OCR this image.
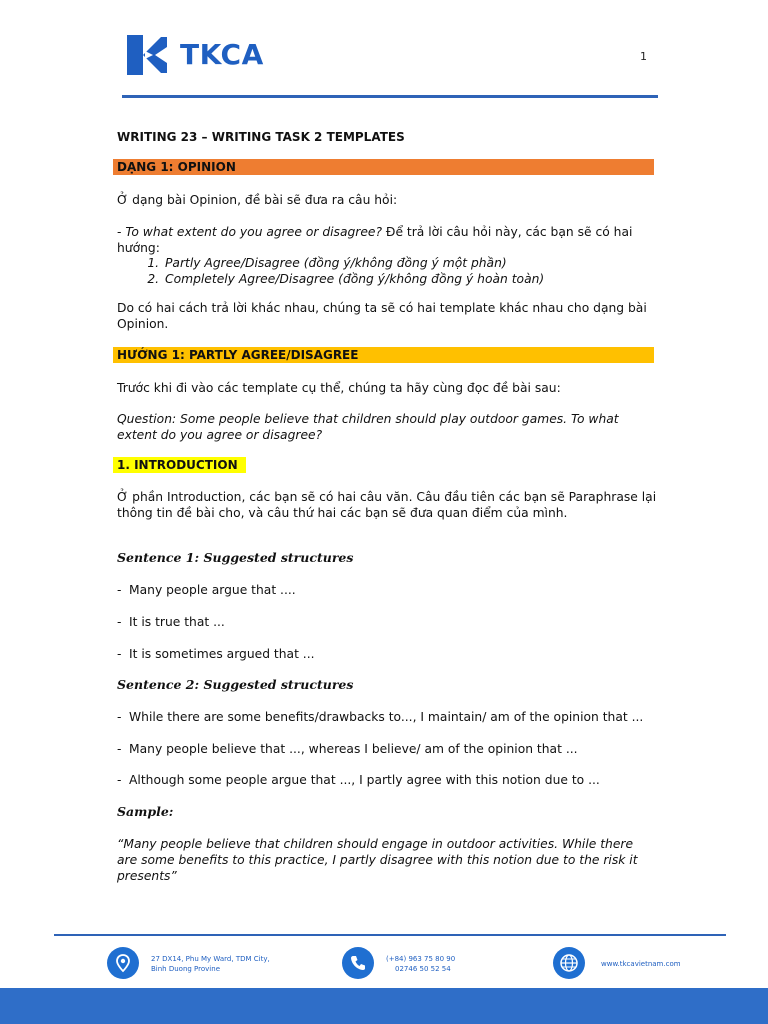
TKCA	1
WRITING 23 – WRITING TASK 2 TEMPLATES
DẠNG 1: OPINION
Ở dạng bài Opinion, đề bài sẽ đưa ra câu hỏi:
- To what extent do you agree or disagree? Để trả lời câu hỏi này, các bạn sẽ có hai hướng:
1. Partly Agree/Disagree (đồng ý/không đồng ý một phần)
2. Completely Agree/Disagree (đồng ý/không đồng ý hoàn toàn)
Do có hai cách trả lời khác nhau, chúng ta sẽ có hai template khác nhau cho dạng bài Opinion.
HƯỚNG 1: PARTLY AGREE/DISAGREE
Trước khi đi vào các template cụ thể, chúng ta hãy cùng đọc đề bài sau:
Question: Some people believe that children should play outdoor games. To what extent do you agree or disagree?
1. INTRODUCTION
Ở phần Introduction, các bạn sẽ có hai câu văn. Câu đầu tiên các bạn sẽ Paraphrase lại thông tin đề bài cho, và câu thứ hai các bạn sẽ đưa quan điểm của mình.
Sentence 1: Suggested structures
- Many people argue that ....
- It is true that ...
- It is sometimes argued that ...
Sentence 2: Suggested structures
- While there are some benefits/drawbacks to..., I maintain/ am of the opinion that ...
- Many people believe that ..., whereas I believe/ am of the opinion that ...
- Although some people argue that ..., I partly agree with this notion due to ...
Sample:
“Many people believe that children should engage in outdoor activities. While there are some benefits to this practice, I partly disagree with this notion due to the risk it presents”
27 DX14, Phu My Ward, TDM City,
Binh Duong Provine
(+84) 963 75 80 90
02746 50 52 54
www.tkcavietnam.com
